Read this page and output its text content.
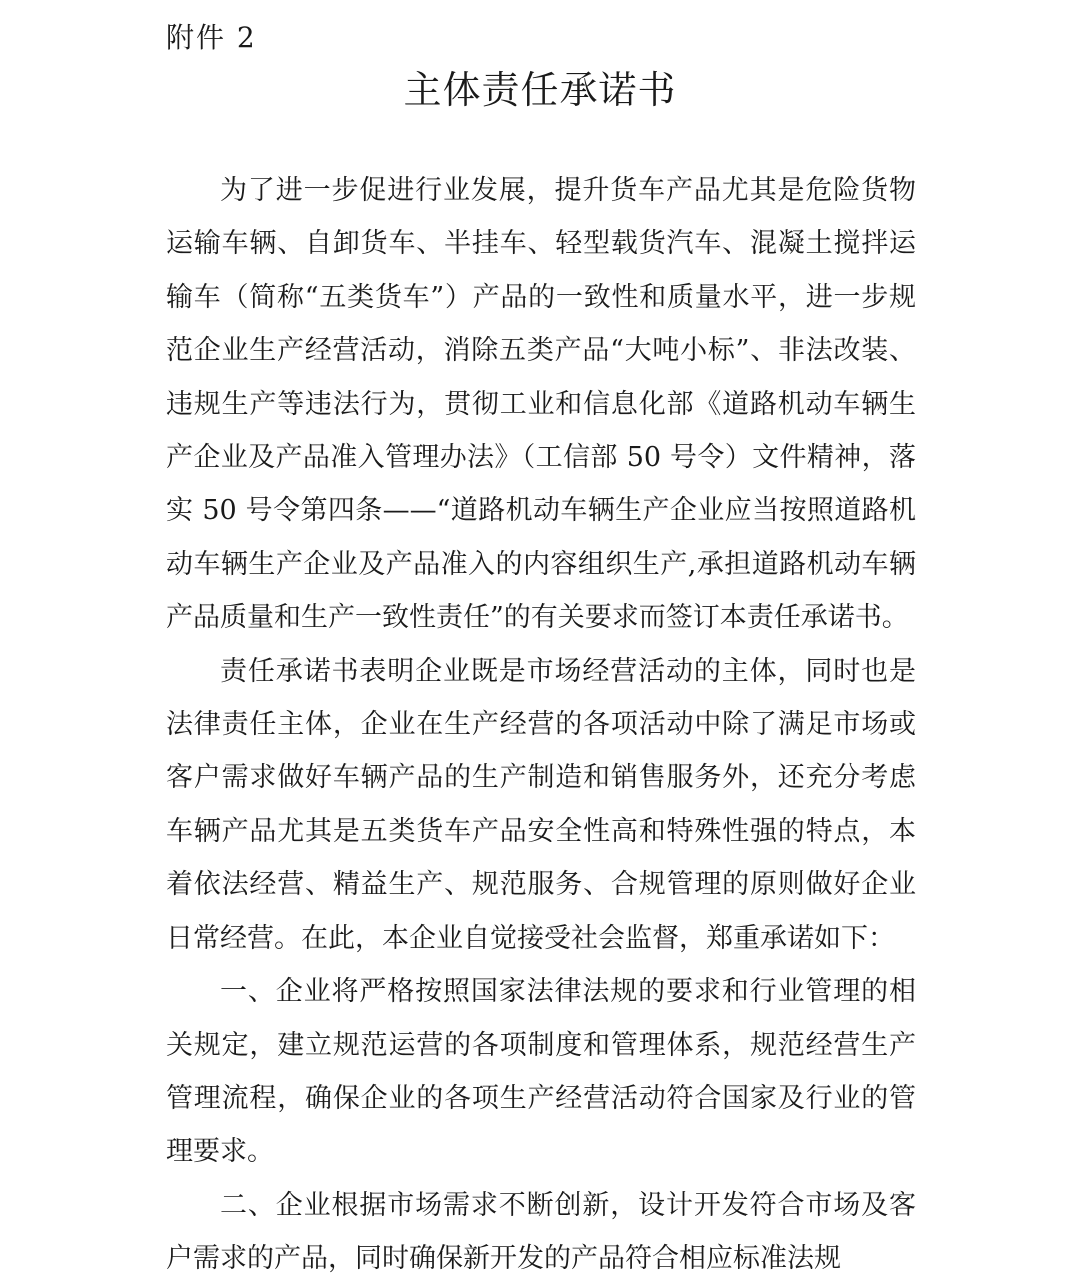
附件 2
主体责任承诺书

为了进一步促进行业发展，提升货车产品尤其是危险货物运输车辆、自卸货车、半挂车、轻型载货汽车、混凝土搅拌运输车（简称“五类货车”）产品的一致性和质量水平，进一步规范企业生产经营活动，消除五类产品“大吨小标”、非法改装、违规生产等违法行为，贯彻工业和信息化部《道路机动车辆生产企业及产品准入管理办法》（工信部 50 号令）文件精神，落实 50 号令第四条——“道路机动车辆生产企业应当按照道路机动车辆生产企业及产品准入的内容组织生产,承担道路机动车辆产品质量和生产一致性责任”的有关要求而签订本责任承诺书。

责任承诺书表明企业既是市场经营活动的主体，同时也是法律责任主体，企业在生产经营的各项活动中除了满足市场或客户需求做好车辆产品的生产制造和销售服务外，还充分考虑车辆产品尤其是五类货车产品安全性高和特殊性强的特点，本着依法经营、精益生产、规范服务、合规管理的原则做好企业日常经营。在此，本企业自觉接受社会监督，郑重承诺如下：

一、企业将严格按照国家法律法规的要求和行业管理的相关规定，建立规范运营的各项制度和管理体系，规范经营生产管理流程，确保企业的各项生产经营活动符合国家及行业的管理要求。

二、企业根据市场需求不断创新，设计开发符合市场及客户需求的产品，同时确保新开发的产品符合相应标准法规
